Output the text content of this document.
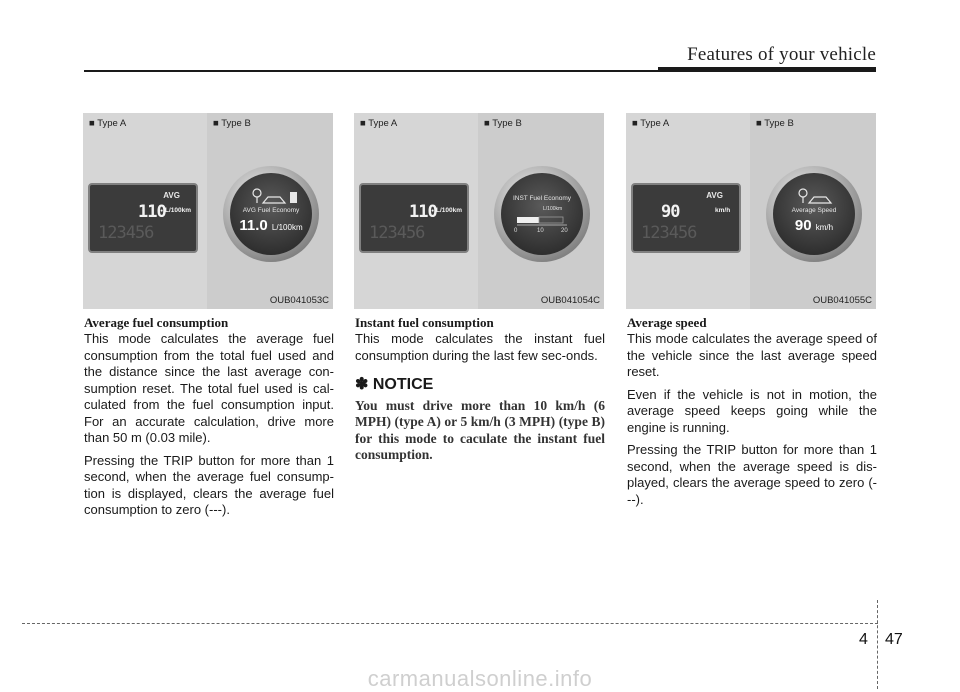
Features of your vehicle
■ Type A	■ Type B
AVG
110 L/100km
123456
AVG Fuel Economy
11.0 L/100km
OUB041053C
■ Type A	■ Type B
110 L/100km
123456
INST Fuel Economy
L/100km
0	10	20
OUB041054C
■ Type A	■ Type B
AVG
90	km/h
123456
Average Speed
90 km/h
OUB041055C
Average fuel consumption

This mode calculates the average fuel consumption from the total fuel used and the distance since the last average con-sumption reset. The total fuel used is cal-culated from the fuel consumption input. For an accurate calculation, drive more than 50 m (0.03 mile).

Pressing the TRIP button for more than 1 second, when the average fuel consump-tion is displayed, clears the average fuel consumption to zero (---).

Instant fuel consumption

This mode calculates the instant fuel consumption during the last few sec-onds.

✽ NOTICE
You must drive more than 10 km/h (6 MPH) (type A) or 5 km/h (3 MPH) (type B) for this mode to caculate the instant fuel consumption.
Average speed

This mode calculates the average speed of the vehicle since the last average speed reset.

Even if the vehicle is not in motion, the average speed keeps going while the engine is running.

Pressing the TRIP button for more than 1 second, when the average speed is dis-played, clears the average speed to zero (---).

4 47
carmanualsonline.info
